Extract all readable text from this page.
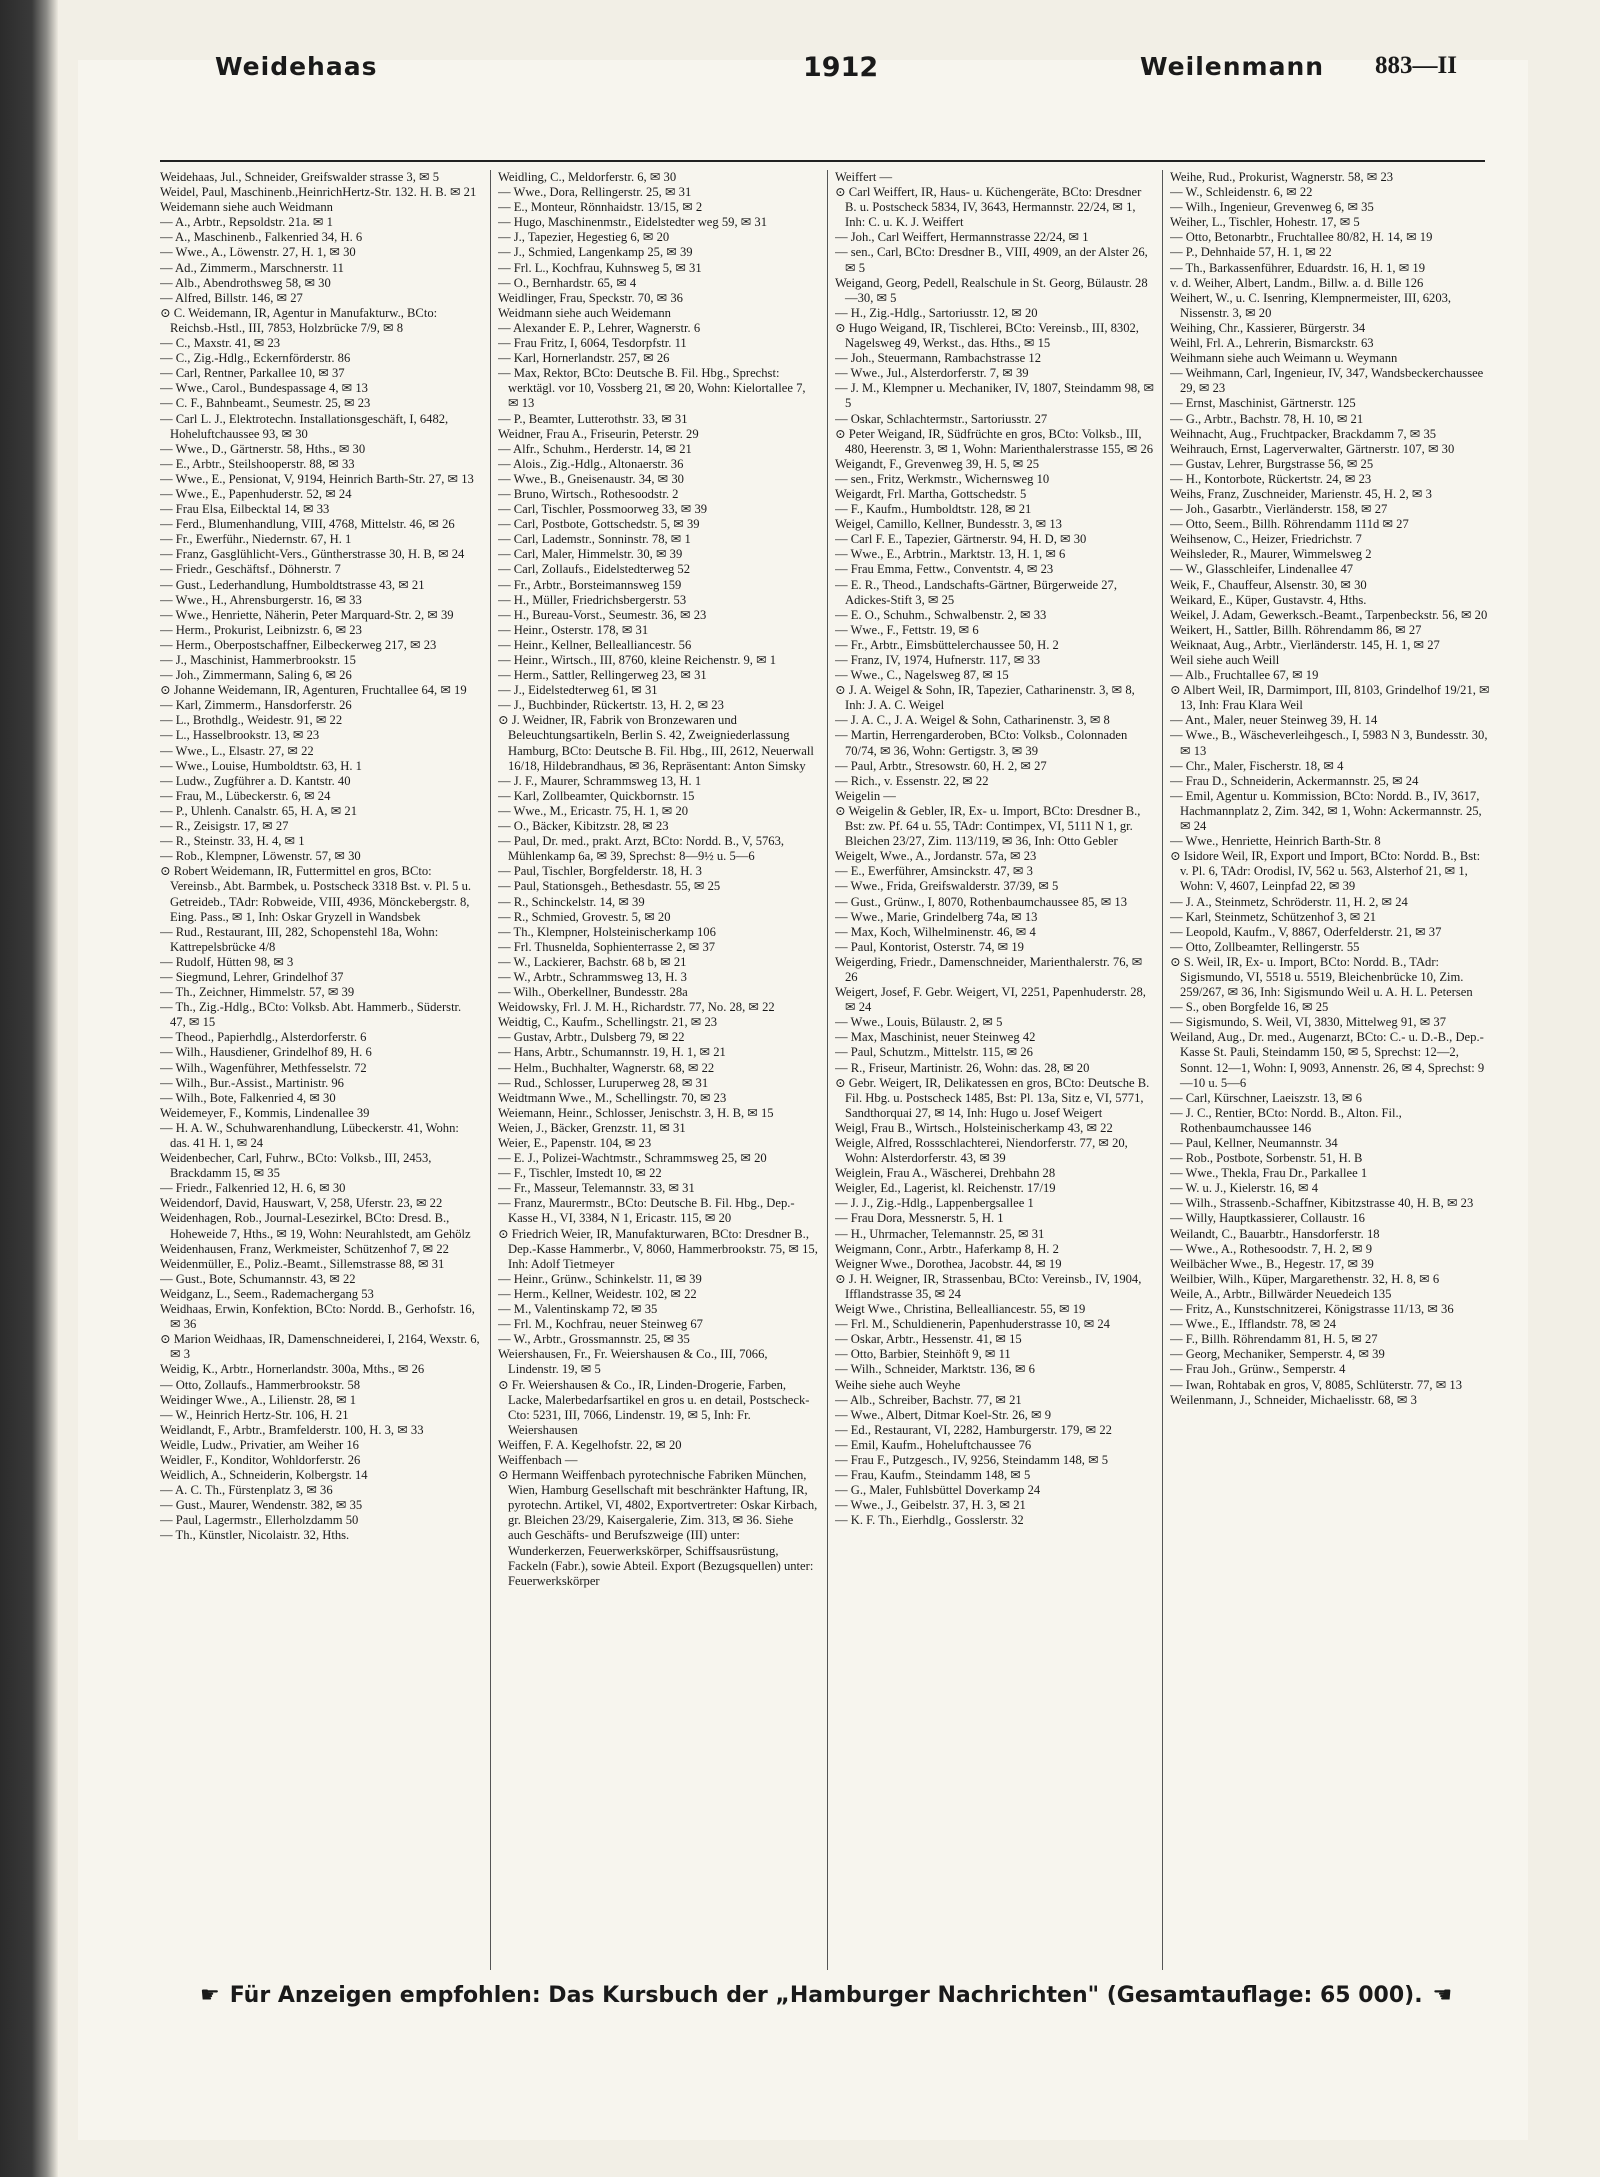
Weidehaas	1912	Weilenmann 883—II

Weidehaas, Jul., Schneider, Greifswalder strasse 3, ✉ 5

Weidel, Paul, Maschinenb.,HeinrichHertz-Str. 132. H. B. ✉ 21

Weidemann siehe auch Weidmann

— A., Arbtr., Repsoldstr. 21a. ✉ 1

— A., Maschinenb., Falkenried 34, H. 6

— Wwe., A., Löwenstr. 27, H. 1, ✉ 30

— Ad., Zimmerm., Marschnerstr. 11

— Alb., Abendrothsweg 58, ✉ 30

— Alfred, Billstr. 146, ✉ 27

⊙ C. Weidemann, IR, Agentur in Manufakturw., BCto: Reichsb.-Hstl., III, 7853, Holzbrücke 7/9, ✉ 8

— C., Maxstr. 41, ✉ 23

— C., Zig.-Hdlg., Eckernförderstr. 86

— Carl, Rentner, Parkallee 10, ✉ 37

— Wwe., Carol., Bundespassage 4, ✉ 13

— C. F., Bahnbeamt., Seumestr. 25, ✉ 23

— Carl L. J., Elektrotechn. Installationsgeschäft, I, 6482, Hoheluftchaussee 93, ✉ 30

— Wwe., D., Gärtnerstr. 58, Hths., ✉ 30

— E., Arbtr., Steilshooperstr. 88, ✉ 33

— Wwe., E., Pensionat, V, 9194, Heinrich Barth-Str. 27, ✉ 13

— Wwe., E., Papenhuderstr. 52, ✉ 24

— Frau Elsa, Eilbecktal 14, ✉ 33

— Ferd., Blumenhandlung, VIII, 4768, Mittelstr. 46, ✉ 26

— Fr., Ewerführ., Niedernstr. 67, H. 1

— Franz, Gasglühlicht-Vers., Güntherstrasse 30, H. B, ✉ 24

— Friedr., Geschäftsf., Döhnerstr. 7

— Gust., Lederhandlung, Humboldtstrasse 43, ✉ 21

— Wwe., H., Ahrensburgerstr. 16, ✉ 33

— Wwe., Henriette, Näherin, Peter Marquard-Str. 2, ✉ 39

— Herm., Prokurist, Leibnizstr. 6, ✉ 23

— Herm., Oberpostschaffner, Eilbeckerweg 217, ✉ 23

— J., Maschinist, Hammerbrookstr. 15

— Joh., Zimmermann, Saling 6, ✉ 26

⊙ Johanne Weidemann, IR, Agenturen, Fruchtallee 64, ✉ 19

— Karl, Zimmerm., Hansdorferstr. 26

— L., Brothdlg., Weidestr. 91, ✉ 22

— L., Hasselbrookstr. 13, ✉ 23

— Wwe., L., Elsastr. 27, ✉ 22

— Wwe., Louise, Humboldtstr. 63, H. 1

— Ludw., Zugführer a. D. Kantstr. 40

— Frau, M., Lübeckerstr. 6, ✉ 24

— P., Uhlenh. Canalstr. 65, H. A, ✉ 21

— R., Zeisigstr. 17, ✉ 27

— R., Steinstr. 33, H. 4, ✉ 1

— Rob., Klempner, Löwenstr. 57, ✉ 30

⊙ Robert Weidemann, IR, Futtermittel en gros, BCto: Vereinsb., Abt. Barmbek, u. Postscheck 3318 Bst. v. Pl. 5 u. Getreideb., TAdr: Robweide, VIII, 4936, Mönckebergstr. 8, Eing. Pass., ✉ 1, Inh: Oskar Gryzell in Wandsbek

— Rud., Restaurant, III, 282, Schopenstehl 18a, Wohn: Kattrepelsbrücke 4/8

— Rudolf, Hütten 98, ✉ 3

— Siegmund, Lehrer, Grindelhof 37

— Th., Zeichner, Himmelstr. 57, ✉ 39

— Th., Zig.-Hdlg., BCto: Volksb. Abt. Hammerb., Süderstr. 47, ✉ 15

— Theod., Papierhdlg., Alsterdorferstr. 6

— Wilh., Hausdiener, Grindelhof 89, H. 6

— Wilh., Wagenführer, Methfesselstr. 72

— Wilh., Bur.-Assist., Martinistr. 96

— Wilh., Bote, Falkenried 4, ✉ 30

Weidemeyer, F., Kommis, Lindenallee 39

— H. A. W., Schuhwarenhandlung, Lübeckerstr. 41, Wohn: das. 41 H. 1, ✉ 24

Weidenbecher, Carl, Fuhrw., BCto: Volksb., III, 2453, Brackdamm 15, ✉ 35

— Friedr., Falkenried 12, H. 6, ✉ 30

Weidendorf, David, Hauswart, V, 258, Uferstr. 23, ✉ 22

Weidenhagen, Rob., Journal-Lesezirkel, BCto: Dresd. B., Hoheweide 7, Hths., ✉ 19, Wohn: Neurahlstedt, am Gehölz

Weidenhausen, Franz, Werkmeister, Schützenhof 7, ✉ 22

Weidenmüller, E., Poliz.-Beamt., Sillemstrasse 88, ✉ 31

— Gust., Bote, Schumannstr. 43, ✉ 22

Weidganz, L., Seem., Rademachergang 53

Weidhaas, Erwin, Konfektion, BCto: Nordd. B., Gerhofstr. 16, ✉ 36

⊙ Marion Weidhaas, IR, Damenschneiderei, I, 2164, Wexstr. 6, ✉ 3

Weidig, K., Arbtr., Hornerlandstr. 300a, Mths., ✉ 26

— Otto, Zollaufs., Hammerbrookstr. 58

Weidinger Wwe., A., Lilienstr. 28, ✉ 1

— W., Heinrich Hertz-Str. 106, H. 21

Weidlandt, F., Arbtr., Bramfelderstr. 100, H. 3, ✉ 33

Weidle, Ludw., Privatier, am Weiher 16

Weidler, F., Konditor, Wohldorferstr. 26

Weidlich, A., Schneiderin, Kolbergstr. 14

— A. C. Th., Fürstenplatz 3, ✉ 36

— Gust., Maurer, Wendenstr. 382, ✉ 35

— Paul, Lagermstr., Ellerholzdamm 50

— Th., Künstler, Nicolaistr. 32, Hths.

Weidling, C., Meldorferstr. 6, ✉ 30

— Wwe., Dora, Rellingerstr. 25, ✉ 31

— E., Monteur, Rönnhaidstr. 13/15, ✉ 2

— Hugo, Maschinenmstr., Eidelstedter weg 59, ✉ 31

— J., Tapezier, Hegestieg 6, ✉ 20

— J., Schmied, Langenkamp 25, ✉ 39

— Frl. L., Kochfrau, Kuhnsweg 5, ✉ 31

— O., Bernhardstr. 65, ✉ 4

Weidlinger, Frau, Speckstr. 70, ✉ 36

Weidmann siehe auch Weidemann

— Alexander E. P., Lehrer, Wagnerstr. 6

— Frau Fritz, I, 6064, Tesdorpfstr. 11

— Karl, Hornerlandstr. 257, ✉ 26

— Max, Rektor, BCto: Deutsche B. Fil. Hbg., Sprechst: werktägl. vor 10, Vossberg 21, ✉ 20, Wohn: Kielortallee 7, ✉ 13

— P., Beamter, Lutterothstr. 33, ✉ 31

Weidner, Frau A., Friseurin, Peterstr. 29

— Alfr., Schuhm., Herderstr. 14, ✉ 21

— Alois., Zig.-Hdlg., Altonaerstr. 36

— Wwe., B., Gneisenaustr. 34, ✉ 30

— Bruno, Wirtsch., Rothesoodstr. 2

— Carl, Tischler, Possmoorweg 33, ✉ 39

— Carl, Postbote, Gottschedstr. 5, ✉ 39

— Carl, Lademstr., Sonninstr. 78, ✉ 1

— Carl, Maler, Himmelstr. 30, ✉ 39

— Carl, Zollaufs., Eidelstedterweg 52

— Fr., Arbtr., Borsteimannsweg 159

— H., Müller, Friedrichsbergerstr. 53

— H., Bureau-Vorst., Seumestr. 36, ✉ 23

— Heinr., Osterstr. 178, ✉ 31

— Heinr., Kellner, Bellealliancestr. 56

— Heinr., Wirtsch., III, 8760, kleine Reichenstr. 9, ✉ 1

— Herm., Sattler, Rellingerweg 23, ✉ 31

— J., Eidelstedterweg 61, ✉ 31

— J., Buchbinder, Rückertstr. 13, H. 2, ✉ 23

⊙ J. Weidner, IR, Fabrik von Bronzewaren und Beleuchtungsartikeln, Berlin S. 42, Zweigniederlassung Hamburg, BCto: Deutsche B. Fil. Hbg., III, 2612, Neuerwall 16/18, Hildebrandhaus, ✉ 36, Repräsentant: Anton Simsky

— J. F., Maurer, Schrammsweg 13, H. 1

— Karl, Zollbeamter, Quickbornstr. 15

— Wwe., M., Ericastr. 75, H. 1, ✉ 20

— O., Bäcker, Kibitzstr. 28, ✉ 23

— Paul, Dr. med., prakt. Arzt, BCto: Nordd. B., V, 5763, Mühlenkamp 6a, ✉ 39, Sprechst: 8—9½ u. 5—6

— Paul, Tischler, Borgfelderstr. 18, H. 3

— Paul, Stationsgeh., Bethesdastr. 55, ✉ 25

— R., Schinckelstr. 14, ✉ 39

— R., Schmied, Grovestr. 5, ✉ 20

— Th., Klempner, Holsteinischerkamp 106

— Frl. Thusnelda, Sophienterrasse 2, ✉ 37

— W., Lackierer, Bachstr. 68 b, ✉ 21

— W., Arbtr., Schrammsweg 13, H. 3

— Wilh., Oberkellner, Bundesstr. 28a

Weidowsky, Frl. J. M. H., Richardstr. 77, No. 28, ✉ 22

Weidtig, C., Kaufm., Schellingstr. 21, ✉ 23

— Gustav, Arbtr., Dulsberg 79, ✉ 22

— Hans, Arbtr., Schumannstr. 19, H. 1, ✉ 21

— Helm., Buchhalter, Wagnerstr. 68, ✉ 22

— Rud., Schlosser, Luruperweg 28, ✉ 31

Weidtmann Wwe., M., Schellingstr. 70, ✉ 23

Weiemann, Heinr., Schlosser, Jenischstr. 3, H. B, ✉ 15

Weien, J., Bäcker, Grenzstr. 11, ✉ 31

Weier, E., Papenstr. 104, ✉ 23

— E. J., Polizei-Wachtmstr., Schrammsweg 25, ✉ 20

— F., Tischler, Imstedt 10, ✉ 22

— Fr., Masseur, Telemannstr. 33, ✉ 31

— Franz, Maurermstr., BCto: Deutsche B. Fil. Hbg., Dep.-Kasse H., VI, 3384, N 1, Ericastr. 115, ✉ 20

⊙ Friedrich Weier, IR, Manufakturwaren, BCto: Dresdner B., Dep.-Kasse Hammerbr., V, 8060, Hammerbrookstr. 75, ✉ 15, Inh: Adolf Tietmeyer

— Heinr., Grünw., Schinkelstr. 11, ✉ 39

— Herm., Kellner, Weidestr. 102, ✉ 22

— M., Valentinskamp 72, ✉ 35

— Frl. M., Kochfrau, neuer Steinweg 67

— W., Arbtr., Grossmannstr. 25, ✉ 35

Weiershausen, Fr., Fr. Weiershausen & Co., III, 7066, Lindenstr. 19, ✉ 5

⊙ Fr. Weiershausen & Co., IR, Linden-Drogerie, Farben, Lacke, Malerbedarfsartikel en gros u. en detail, Postscheck-Cto: 5231, III, 7066, Lindenstr. 19, ✉ 5, Inh: Fr. Weiershausen

Weiffen, F. A. Kegelhofstr. 22, ✉ 20

Weiffenbach —

⊙ Hermann Weiffenbach pyrotechnische Fabriken München, Wien, Hamburg Gesellschaft mit beschränkter Haftung, IR, pyrotechn. Artikel, VI, 4802, Exportvertreter: Oskar Kirbach, gr. Bleichen 23/29, Kaisergalerie, Zim. 313, ✉ 36. Siehe auch Geschäfts- und Berufszweige (III) unter: Wunderkerzen, Feuerwerkskörper, Schiffsausrüstung, Fackeln (Fabr.), sowie Abteil. Export (Bezugsquellen) unter: Feuerwerkskörper

Weiffert —

⊙ Carl Weiffert, IR, Haus- u. Küchengeräte, BCto: Dresdner B. u. Postscheck 5834, IV, 3643, Hermannstr. 22/24, ✉ 1, Inh: C. u. K. J. Weiffert

— Joh., Carl Weiffert, Hermannstrasse 22/24, ✉ 1

— sen., Carl, BCto: Dresdner B., VIII, 4909, an der Alster 26, ✉ 5

Weigand, Georg, Pedell, Realschule in St. Georg, Bülaustr. 28—30, ✉ 5

— H., Zig.-Hdlg., Sartoriusstr. 12, ✉ 20

⊙ Hugo Weigand, IR, Tischlerei, BCto: Vereinsb., III, 8302, Nagelsweg 49, Werkst., das. Hths., ✉ 15

— Joh., Steuermann, Rambachstrasse 12

— Wwe., Jul., Alsterdorferstr. 7, ✉ 39

— J. M., Klempner u. Mechaniker, IV, 1807, Steindamm 98, ✉ 5

— Oskar, Schlachtermstr., Sartoriusstr. 27

⊙ Peter Weigand, IR, Südfrüchte en gros, BCto: Volksb., III, 480, Heerenstr. 3, ✉ 1, Wohn: Marienthalerstrasse 155, ✉ 26

Weigandt, F., Grevenweg 39, H. 5, ✉ 25

— sen., Fritz, Werkmstr., Wichernsweg 10

Weigardt, Frl. Martha, Gottschedstr. 5

— F., Kaufm., Humboldtstr. 128, ✉ 21

Weigel, Camillo, Kellner, Bundesstr. 3, ✉ 13

— Carl F. E., Tapezier, Gärtnerstr. 94, H. D, ✉ 30

— Wwe., E., Arbtrin., Marktstr. 13, H. 1, ✉ 6

— Frau Emma, Fettw., Conventstr. 4, ✉ 23

— E. R., Theod., Landschafts-Gärtner, Bürgerweide 27, Adickes-Stift 3, ✉ 25

— E. O., Schuhm., Schwalbenstr. 2, ✉ 33

— Wwe., F., Fettstr. 19, ✉ 6

— Fr., Arbtr., Eimsbüttelerchaussee 50, H. 2

— Franz, IV, 1974, Hufnerstr. 117, ✉ 33

— Wwe., C., Nagelsweg 87, ✉ 15

⊙ J. A. Weigel & Sohn, IR, Tapezier, Catharinenstr. 3, ✉ 8, Inh: J. A. C. Weigel

— J. A. C., J. A. Weigel & Sohn, Catharinenstr. 3, ✉ 8

— Martin, Herrengarderoben, BCto: Volksb., Colonnaden 70/74, ✉ 36, Wohn: Gertigstr. 3, ✉ 39

— Paul, Arbtr., Stresowstr. 60, H. 2, ✉ 27

— Rich., v. Essenstr. 22, ✉ 22

Weigelin —

⊙ Weigelin & Gebler, IR, Ex- u. Import, BCto: Dresdner B., Bst: zw. Pf. 64 u. 55, TAdr: Contimpex, VI, 5111 N 1, gr. Bleichen 23/27, Zim. 113/119, ✉ 36, Inh: Otto Gebler

Weigelt, Wwe., A., Jordanstr. 57a, ✉ 23

— E., Ewerführer, Amsinckstr. 47, ✉ 3

— Wwe., Frida, Greifswalderstr. 37/39, ✉ 5

— Gust., Grünw., I, 8070, Rothenbaumchaussee 85, ✉ 13

— Wwe., Marie, Grindelberg 74a, ✉ 13

— Max, Koch, Wilhelminenstr. 46, ✉ 4

— Paul, Kontorist, Osterstr. 74, ✉ 19

Weigerding, Friedr., Damenschneider, Marienthalerstr. 76, ✉ 26

Weigert, Josef, F. Gebr. Weigert, VI, 2251, Papenhuderstr. 28, ✉ 24

— Wwe., Louis, Bülaustr. 2, ✉ 5

— Max, Maschinist, neuer Steinweg 42

— Paul, Schutzm., Mittelstr. 115, ✉ 26

— R., Friseur, Martinistr. 26, Wohn: das. 28, ✉ 20

⊙ Gebr. Weigert, IR, Delikatessen en gros, BCto: Deutsche B. Fil. Hbg. u. Postscheck 1485, Bst: Pl. 13a, Sitz e, VI, 5771, Sandthorquai 27, ✉ 14, Inh: Hugo u. Josef Weigert

Weigl, Frau B., Wirtsch., Holsteinischerkamp 43, ✉ 22

Weigle, Alfred, Rossschlachterei, Niendorferstr. 77, ✉ 20, Wohn: Alsterdorferstr. 43, ✉ 39

Weiglein, Frau A., Wäscherei, Drehbahn 28

Weigler, Ed., Lagerist, kl. Reichenstr. 17/19

— J. J., Zig.-Hdlg., Lappenbergsallee 1

— Frau Dora, Messnerstr. 5, H. 1

— H., Uhrmacher, Telemannstr. 25, ✉ 31

Weigmann, Conr., Arbtr., Haferkamp 8, H. 2

Weigner Wwe., Dorothea, Jacobstr. 44, ✉ 19

⊙ J. H. Weigner, IR, Strassenbau, BCto: Vereinsb., IV, 1904, Ifflandstrasse 35, ✉ 24

Weigt Wwe., Christina, Bellealliancestr. 55, ✉ 19

— Frl. M., Schuldienerin, Papenhuderstrasse 10, ✉ 24

— Oskar, Arbtr., Hessenstr. 41, ✉ 15

— Otto, Barbier, Steinhöft 9, ✉ 11

— Wilh., Schneider, Marktstr. 136, ✉ 6

Weihe siehe auch Weyhe

— Alb., Schreiber, Bachstr. 77, ✉ 21

— Wwe., Albert, Ditmar Koel-Str. 26, ✉ 9

— Ed., Restaurant, VI, 2282, Hamburgerstr. 179, ✉ 22

— Emil, Kaufm., Hoheluftchaussee 76

— Frau F., Putzgesch., IV, 9256, Steindamm 148, ✉ 5

— Frau, Kaufm., Steindamm 148, ✉ 5

— G., Maler, Fuhlsbüttel Doverkamp 24

— Wwe., J., Geibelstr. 37, H. 3, ✉ 21

— K. F. Th., Eierhdlg., Gosslerstr. 32

Weihe, Rud., Prokurist, Wagnerstr. 58, ✉ 23

— W., Schleidenstr. 6, ✉ 22

— Wilh., Ingenieur, Grevenweg 6, ✉ 35

Weiher, L., Tischler, Hohestr. 17, ✉ 5

— Otto, Betonarbtr., Fruchtallee 80/82, H. 14, ✉ 19

— P., Dehnhaide 57, H. 1, ✉ 22

— Th., Barkassenführer, Eduardstr. 16, H. 1, ✉ 19

v. d. Weiher, Albert, Landm., Billw. a. d. Bille 126

Weihert, W., u. C. Isenring, Klempnermeister, III, 6203, Nissenstr. 3, ✉ 20

Weihing, Chr., Kassierer, Bürgerstr. 34

Weihl, Frl. A., Lehrerin, Bismarckstr. 63

Weihmann siehe auch Weimann u. Weymann

— Weihmann, Carl, Ingenieur, IV, 347, Wandsbeckerchaussee 29, ✉ 23

— Ernst, Maschinist, Gärtnerstr. 125

— G., Arbtr., Bachstr. 78, H. 10, ✉ 21

Weihnacht, Aug., Fruchtpacker, Brackdamm 7, ✉ 35

Weihrauch, Ernst, Lagerverwalter, Gärtnerstr. 107, ✉ 30

— Gustav, Lehrer, Burgstrasse 56, ✉ 25

— H., Kontorbote, Rückertstr. 24, ✉ 23

Weihs, Franz, Zuschneider, Marienstr. 45, H. 2, ✉ 3

— Joh., Gasarbtr., Vierländerstr. 158, ✉ 27

— Otto, Seem., Billh. Röhrendamm 111d ✉ 27

Weihsenow, C., Heizer, Friedrichstr. 7

Weihsleder, R., Maurer, Wimmelsweg 2

— W., Glasschleifer, Lindenallee 47

Weik, F., Chauffeur, Alsenstr. 30, ✉ 30

Weikard, E., Küper, Gustavstr. 4, Hths.

Weikel, J. Adam, Gewerksch.-Beamt., Tarpenbeckstr. 56, ✉ 20

Weikert, H., Sattler, Billh. Röhrendamm 86, ✉ 27

Weiknaat, Aug., Arbtr., Vierländerstr. 145, H. 1, ✉ 27

Weil siehe auch Weill

— Alb., Fruchtallee 67, ✉ 19

⊙ Albert Weil, IR, Darmimport, III, 8103, Grindelhof 19/21, ✉ 13, Inh: Frau Klara Weil

— Ant., Maler, neuer Steinweg 39, H. 14

— Wwe., B., Wäscheverleihgesch., I, 5983 N 3, Bundesstr. 30, ✉ 13

— Chr., Maler, Fischerstr. 18, ✉ 4

— Frau D., Schneiderin, Ackermannstr. 25, ✉ 24

— Emil, Agentur u. Kommission, BCto: Nordd. B., IV, 3617, Hachmannplatz 2, Zim. 342, ✉ 1, Wohn: Ackermannstr. 25, ✉ 24

— Wwe., Henriette, Heinrich Barth-Str. 8

⊙ Isidore Weil, IR, Export und Import, BCto: Nordd. B., Bst: v. Pl. 6, TAdr: Orodisl, IV, 562 u. 563, Alsterhof 21, ✉ 1, Wohn: V, 4607, Leinpfad 22, ✉ 39

— J. A., Steinmetz, Schröderstr. 11, H. 2, ✉ 24

— Karl, Steinmetz, Schützenhof 3, ✉ 21

— Leopold, Kaufm., V, 8867, Oderfelderstr. 21, ✉ 37

— Otto, Zollbeamter, Rellingerstr. 55

⊙ S. Weil, IR, Ex- u. Import, BCto: Nordd. B., TAdr: Sigismundo, VI, 5518 u. 5519, Bleichenbrücke 10, Zim. 259/267, ✉ 36, Inh: Sigismundo Weil u. A. H. L. Petersen

— S., oben Borgfelde 16, ✉ 25

— Sigismundo, S. Weil, VI, 3830, Mittelweg 91, ✉ 37

Weiland, Aug., Dr. med., Augenarzt, BCto: C.- u. D.-B., Dep.-Kasse St. Pauli, Steindamm 150, ✉ 5, Sprechst: 12—2, Sonnt. 12—1, Wohn: I, 9093, Annenstr. 26, ✉ 4, Sprechst: 9—10 u. 5—6

— Carl, Kürschner, Laeiszstr. 13, ✉ 6

— J. C., Rentier, BCto: Nordd. B., Alton. Fil., Rothenbaumchaussee 146

— Paul, Kellner, Neumannstr. 34

— Rob., Postbote, Sorbenstr. 51, H. B

— Wwe., Thekla, Frau Dr., Parkallee 1

— W. u. J., Kielerstr. 16, ✉ 4

— Wilh., Strassenb.-Schaffner, Kibitzstrasse 40, H. B, ✉ 23

— Willy, Hauptkassierer, Collaustr. 16

Weilandt, C., Bauarbtr., Hansdorferstr. 18

— Wwe., A., Rothesoodstr. 7, H. 2, ✉ 9

Weilbächer Wwe., B., Hegestr. 17, ✉ 39

Weilbier, Wilh., Küper, Margarethenstr. 32, H. 8, ✉ 6

Weile, A., Arbtr., Billwärder Neuedeich 135

— Fritz, A., Kunstschnitzerei, Königstrasse 11/13, ✉ 36

— Wwe., E., Ifflandstr. 78, ✉ 24

— F., Billh. Röhrendamm 81, H. 5, ✉ 27

— Georg, Mechaniker, Semperstr. 4, ✉ 39

— Frau Joh., Grünw., Semperstr. 4

— Iwan, Rohtabak en gros, V, 8085, Schlüterstr. 77, ✉ 13

Weilenmann, J., Schneider, Michaelisstr. 68, ✉ 3

☛ Für Anzeigen empfohlen: Das Kursbuch der „Hamburger Nachrichten" (Gesamtauflage: 65 000). ☚
